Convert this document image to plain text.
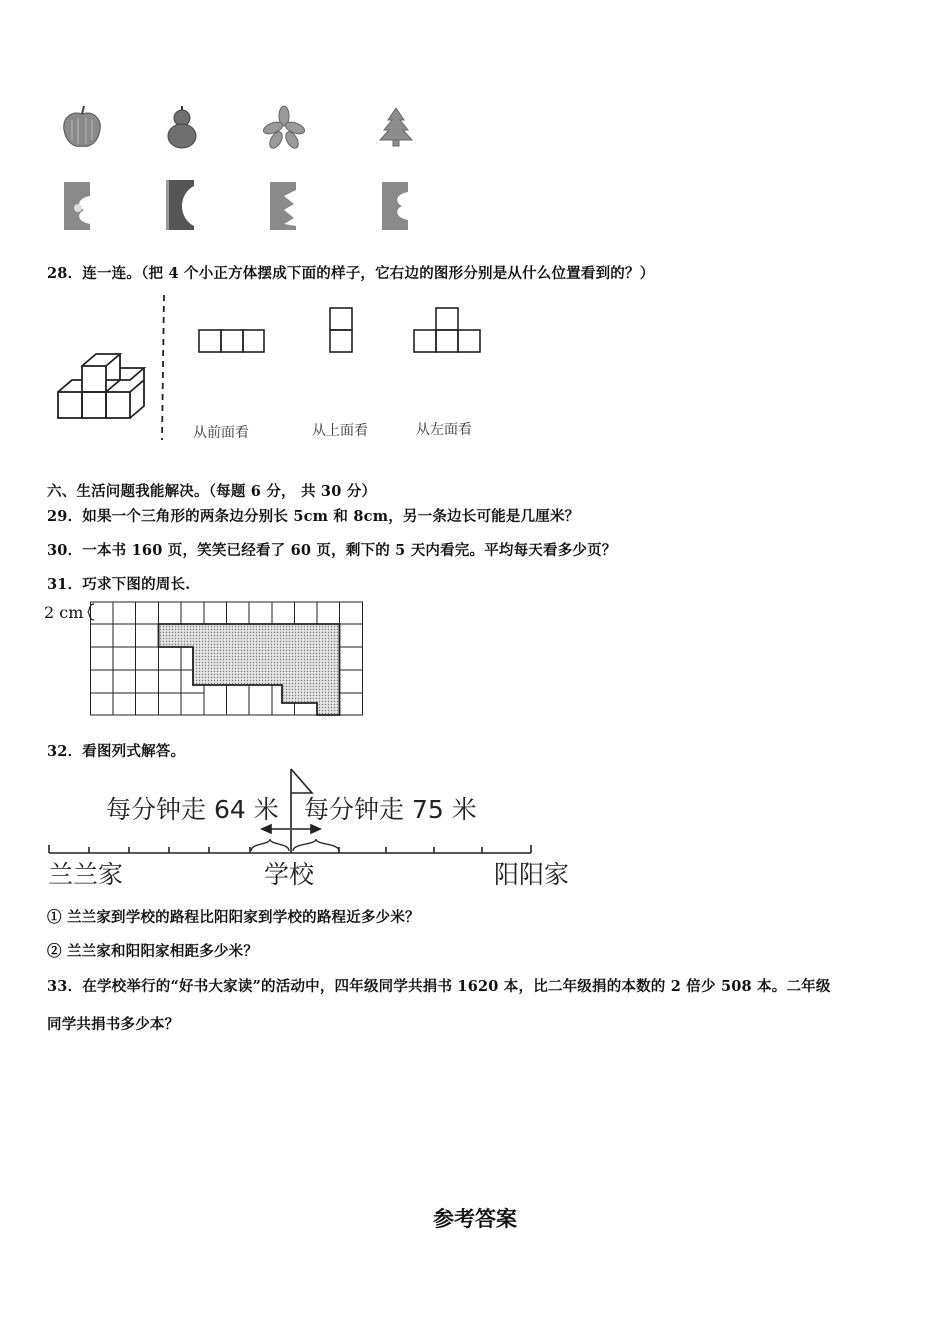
28．连一连。（把 4 个小正方体摆成下面的样子，它右边的图形分别是从什么位置看到的？）
从前面看	从上面看	从左面看
六、生活问题我能解决。（每题 6 分， 共 30 分）
29．如果一个三角形的两条边分别长 5cm 和 8cm，另一条边长可能是几厘米？
30．一本书 160 页，笑笑已经看了 60 页，剩下的 5 天内看完。平均每天看多少页？
31．巧求下图的周长.
2 cm
32．看图列式解答。
每分钟走 64 米 每分钟走 75 米
兰兰家	学校	阳阳家
① 兰兰家到学校的路程比阳阳家到学校的路程近多少米？
② 兰兰家和阳阳家相距多少米？
33．在学校举行的“好书大家读”的活动中，四年级同学共捐书 1620 本，比二年级捐的本数的 2 倍少 508 本。二年级
同学共捐书多少本？
参考答案
